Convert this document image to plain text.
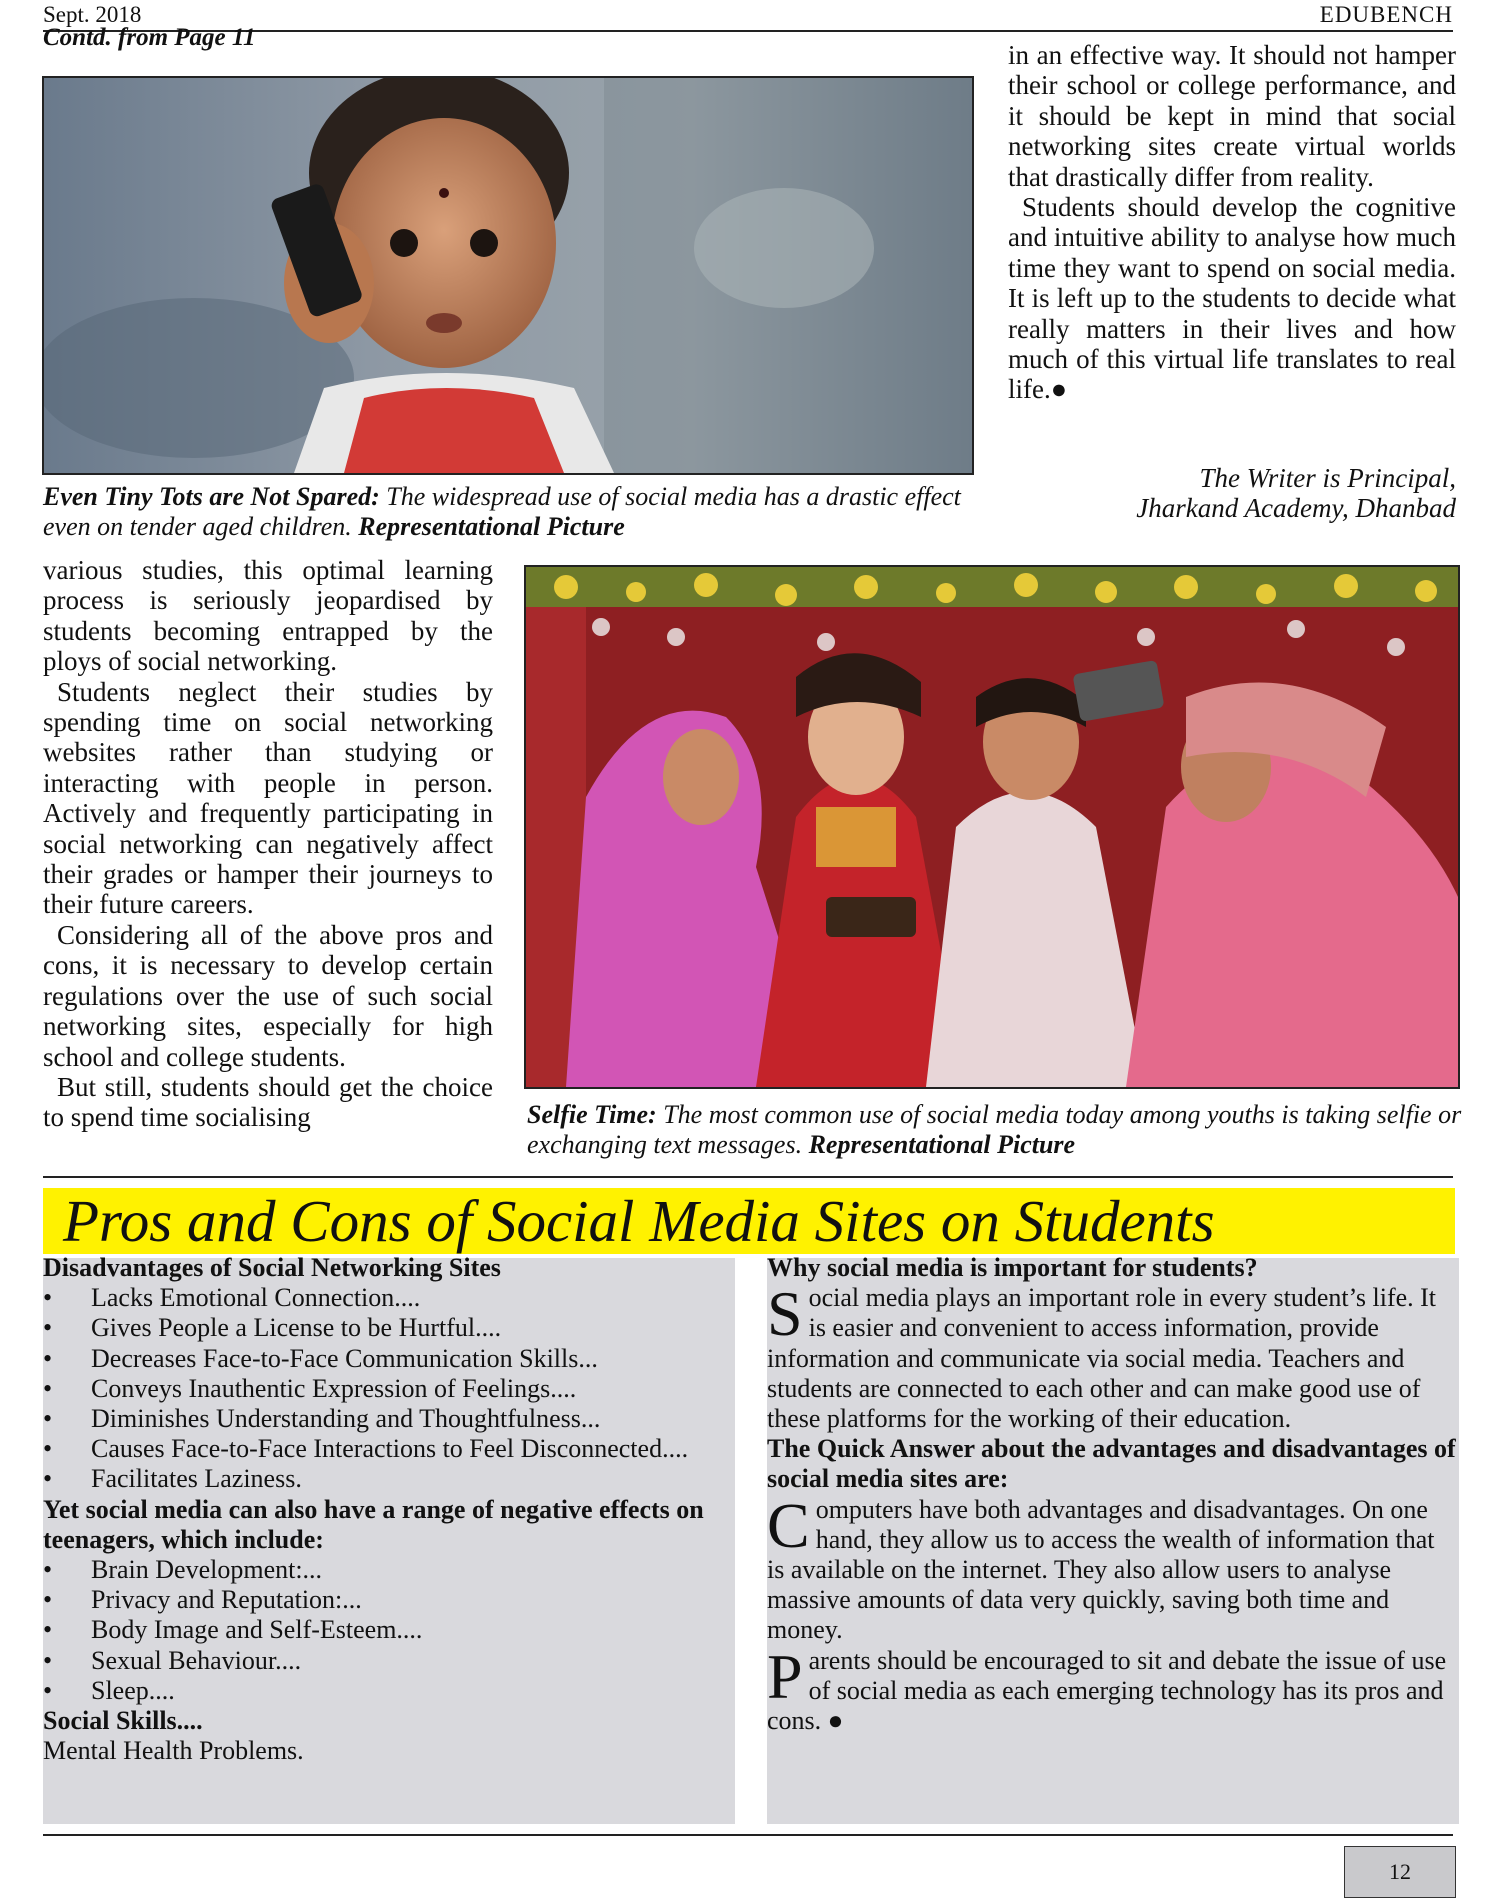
Sept. 2018	EDUBENCH
Contd. from Page 11
Even Tiny Tots are Not Spared: The widespread use of social media has a drastic effect even on tender aged children. Representational Picture

in an effective way. It should not hamper their school or college performance, and it should be kept in mind that social networking sites create virtual worlds that drastically differ from reality.

Students should develop the cognitive and intuitive ability to analyse how much time they want to spend on social media. It is left up to the students to decide what really matters in their lives and how much of this virtual life translates to real life.●

The Writer is Principal,
Jharkand Academy, Dhanbad

various studies, this optimal learning process is seriously jeopardised by students becoming entrapped by the ploys of social networking.

Students neglect their studies by spending time on social networking websites rather than studying or interacting with people in person. Actively and frequently participating in social networking can negatively affect their grades or hamper their journeys to their future careers.

Considering all of the above pros and cons, it is necessary to develop certain regulations over the use of such social networking sites, especially for high school and college students.

But still, students should get the choice to spend time socialising	Selfie Time: The most common use of social media today among youths is taking selfie or exchanging text messages. Representational Picture
Pros and Cons of Social Media Sites on Students
Disadvantages of Social Networking Sites
• Lacks Emotional Connection....
• Gives People a License to be Hurtful....
• Decreases Face-to-Face Communication Skills...
• Conveys Inauthentic Expression of Feelings....
• Diminishes Understanding and Thoughtfulness...
• Causes Face-to-Face Interactions to Feel Disconnected....
• Facilitates Laziness.
Yet social media can also have a range of negative effects on teenagers, which include:
• Brain Development:...
• Privacy and Reputation:...
• Body Image and Self-Esteem....
• Sexual Behaviour....
• Sleep....
Social Skills....
Mental Health Problems.
Why social media is important for students?
Social media plays an important role in every student’s life. It is easier and convenient to access information, provide information and communicate via social media. Teachers and students are connected to each other and can make good use of these platforms for the working of their education.
The Quick Answer about the advantages and disadvantages of social media sites are:
Computers have both advantages and disadvantages. On one hand, they allow us to access the wealth of information that is available on the internet. They also allow users to analyse massive amounts of data very quickly, saving both time and money.
Parents should be encouraged to sit and debate the issue of use of social media as each emerging technology has its pros and cons. ●
12
